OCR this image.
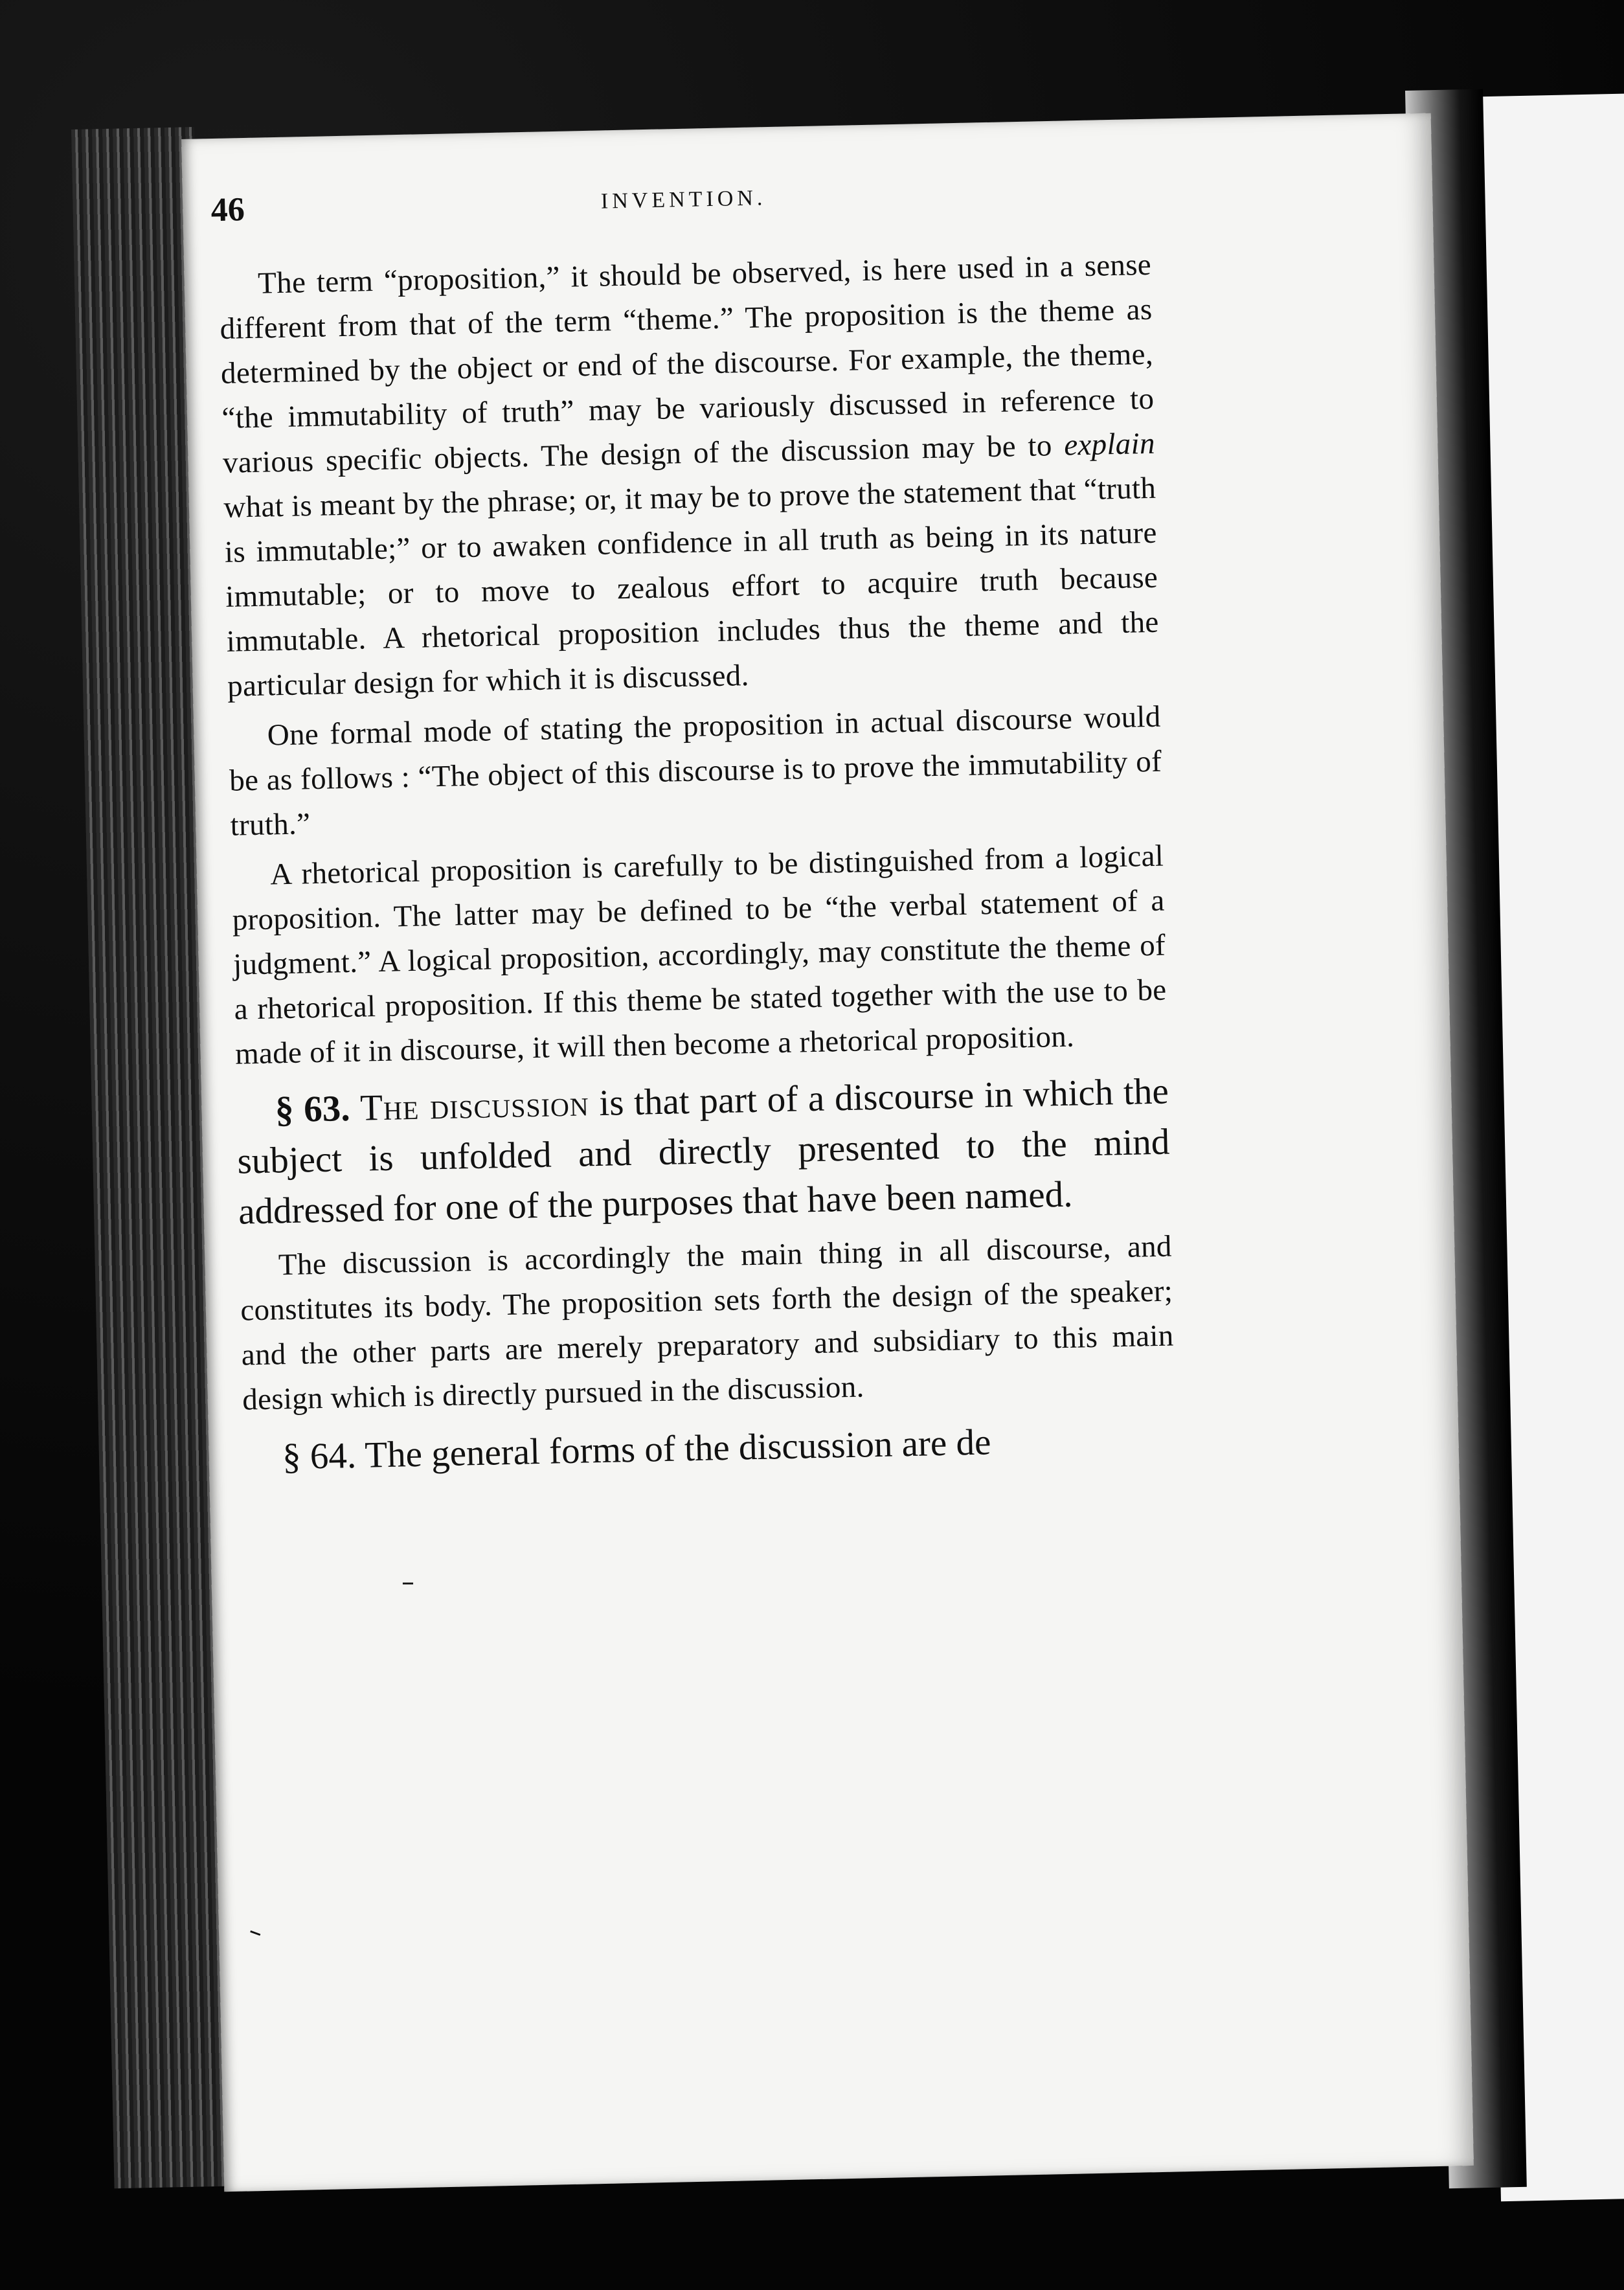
46	INVENTION.

The term “proposition,” it should be observed, is here used in a sense different from that of the term “theme.” The proposition is the theme as determined by the object or end of the discourse. For example, the theme, “the immutability of truth” may be variously discussed in reference to various specific objects. The design of the discussion may be to explain what is meant by the phrase; or, it may be to prove the statement that “truth is immutable;” or to awaken confidence in all truth as being in its nature immutable; or to move to zealous effort to acquire truth because immutable. A rhetorical proposition includes thus the theme and the particular design for which it is discussed.

One formal mode of stating the proposition in actual discourse would be as follows : “The object of this discourse is to prove the immutability of truth.”

A rhetorical proposition is carefully to be distinguished from a logical proposition. The latter may be defined to be “the verbal statement of a judgment.” A logical proposition, accordingly, may constitute the theme of a rhetorical proposition. If this theme be stated together with the use to be made of it in discourse, it will then become a rhetorical proposition.

§ 63. The discussion is that part of a discourse in which the subject is unfolded and directly presented to the mind addressed for one of the purposes that have been named.

The discussion is accordingly the main thing in all discourse, and constitutes its body. The proposition sets forth the design of the speaker; and the other parts are merely preparatory and subsidiary to this main design which is directly pursued in the discussion.

§ 64. The general forms of the discussion are de

–
–
